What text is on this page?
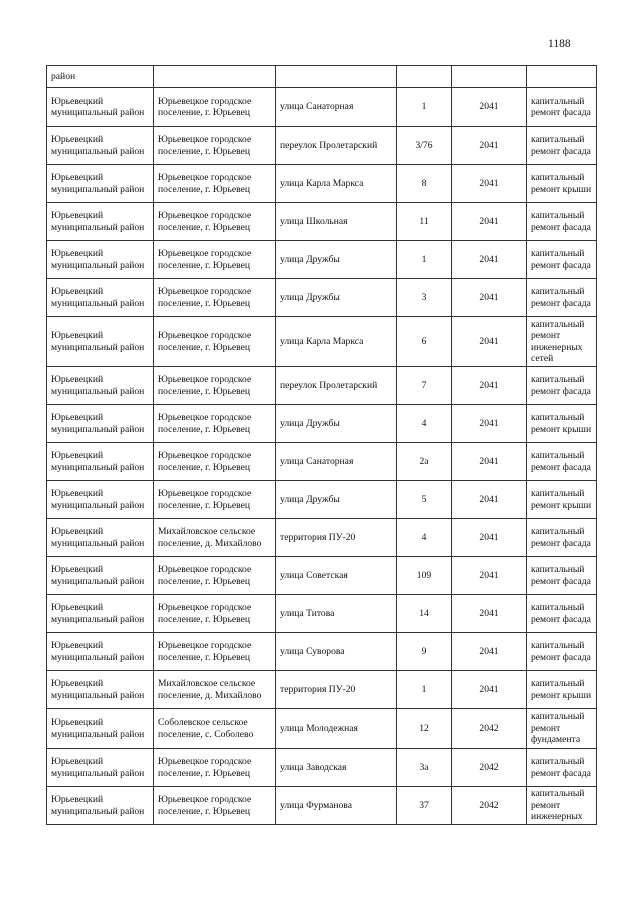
1188
район					

Юрьевецкий муниципальный район	Юрьевецкое городское поселение, г. Юрьевец	улица Санаторная	1	2041	капитальный ремонт фасада

Юрьевецкий муниципальный район	Юрьевецкое городское поселение, г. Юрьевец	переулок Пролетарский	3/76	2041	капитальный ремонт фасада

Юрьевецкий муниципальный район	Юрьевецкое городское поселение, г. Юрьевец	улица Карла Маркса	8	2041	капитальный ремонт крыши

Юрьевецкий муниципальный район	Юрьевецкое городское поселение, г. Юрьевец	улица Школьная	11	2041	капитальный ремонт фасада

Юрьевецкий муниципальный район	Юрьевецкое городское поселение, г. Юрьевец	улица Дружбы	1	2041	капитальный ремонт фасада

Юрьевецкий муниципальный район	Юрьевецкое городское поселение, г. Юрьевец	улица Дружбы	3	2041	капитальный ремонт фасада

Юрьевецкий муниципальный район	Юрьевецкое городское поселение, г. Юрьевец	улица Карла Маркса	6	2041	капитальный ремонт инженерных сетей

Юрьевецкий муниципальный район	Юрьевецкое городское поселение, г. Юрьевец	переулок Пролетарский	7	2041	капитальный ремонт фасада

Юрьевецкий муниципальный район	Юрьевецкое городское поселение, г. Юрьевец	улица Дружбы	4	2041	капитальный ремонт крыши

Юрьевецкий муниципальный район	Юрьевецкое городское поселение, г. Юрьевец	улица Санаторная	2а	2041	капитальный ремонт фасада

Юрьевецкий муниципальный район	Юрьевецкое городское поселение, г. Юрьевец	улица Дружбы	5	2041	капитальный ремонт крыши

Юрьевецкий муниципальный район	Михайловское сельское поселение, д. Михайлово	территория ПУ-20	4	2041	капитальный ремонт фасада

Юрьевецкий муниципальный район	Юрьевецкое городское поселение, г. Юрьевец	улица Советская	109	2041	капитальный ремонт фасада

Юрьевецкий муниципальный район	Юрьевецкое городское поселение, г. Юрьевец	улица Титова	14	2041	капитальный ремонт фасада

Юрьевецкий муниципальный район	Юрьевецкое городское поселение, г. Юрьевец	улица Суворова	9	2041	капитальный ремонт фасада

Юрьевецкий муниципальный район	Михайловское сельское поселение, д. Михайлово	территория ПУ-20	1	2041	капитальный ремонт крыши

Юрьевецкий муниципальный район	Соболевское сельское поселение, с. Соболево	улица Молодежная	12	2042	капитальный ремонт фундамента

Юрьевецкий муниципальный район	Юрьевецкое городское поселение, г. Юрьевец	улица Заводская	3а	2042	капитальный ремонт фасада

Юрьевецкий муниципальный район	Юрьевецкое городское поселение, г. Юрьевец	улица Фурманова	37	2042	капитальный ремонт инженерных
